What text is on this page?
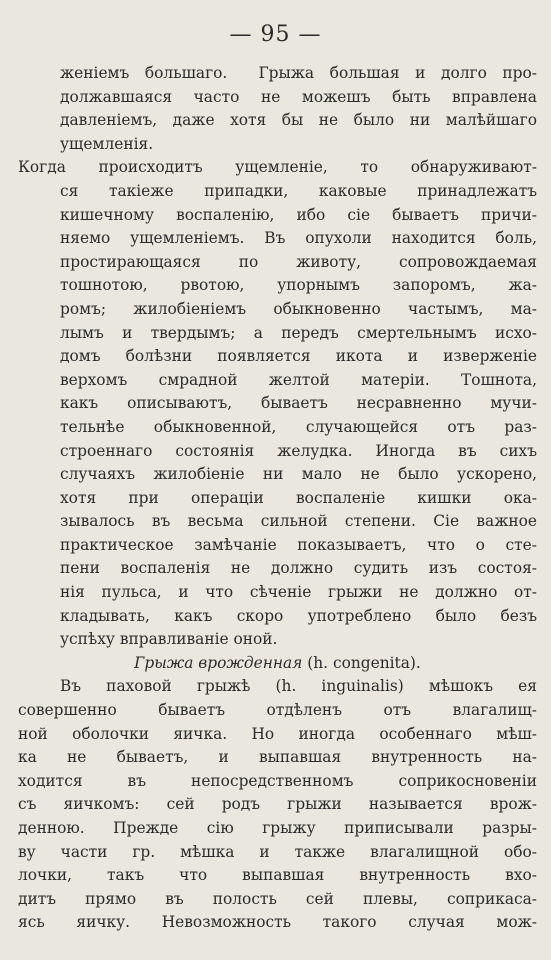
— 95 —
женіемъ большаго.  Грыжа большая и долго про-
должавшаяся часто не можешъ быть вправлена
давленіемъ, даже хотя бы не было ни малѣйшаго
ущемленія.
Когда происходитъ ущемленіе, то обнаруживают-
ся такіеже припадки, каковые принадлежатъ
кишечному воспаленію, ибо сіе бываетъ причи-
няемо ущемленіемъ. Въ опухоли находится боль,
простирающаяся по животу, сопровождаемая
тошнотою, рвотою, упорнымъ запоромъ, жа-
ромъ; жилобіеніемъ обыкновенно частымъ, ма-
лымъ и твердымъ; а передъ смертельнымъ исхо-
домъ болѣзни появляется икота и изверженіе
верхомъ смрадной желтой матеріи. Тошнота,
какъ описываютъ, бываетъ несравненно мучи-
тельнѣе обыкновенной, случающейся отъ раз-
строеннаго состоянія желудка. Иногда въ сихъ
случаяхъ жилобіеніе ни мало не было ускорено,
хотя при операціи воспаленіе кишки ока-
зывалось въ весьма сильной степени. Сіе важное
практическое замѣчаніе показываетъ, что о сте-
пени воспаленія не должно судить изъ состоя-
нія пульса, и что сѣченіе грыжи не должно от-
кладывать, какъ скоро употреблено было безъ
успѣху вправливаніе оной.
Грыжа врожденная (h. congenita).
Въ паховой грыжѣ (h. inguinalis) мѣшокъ ея
совершенно бываетъ отдѣленъ отъ влагалищ-
ной оболочки яичка. Но иногда особеннаго мѣш-
ка не бываетъ, и выпавшая внутренность на-
ходится въ непосредственномъ соприкосновеніи
съ яичкомъ: сей родъ грыжи называется врож-
денною. Прежде сію грыжу приписывали разры-
ву части гр. мѣшка и также влагалищной обо-
лочки, такъ что выпавшая внутренность вхо-
дитъ прямо въ полость сей плевы, соприкаса-
ясь яичку. Невозможность такого случая мож-
